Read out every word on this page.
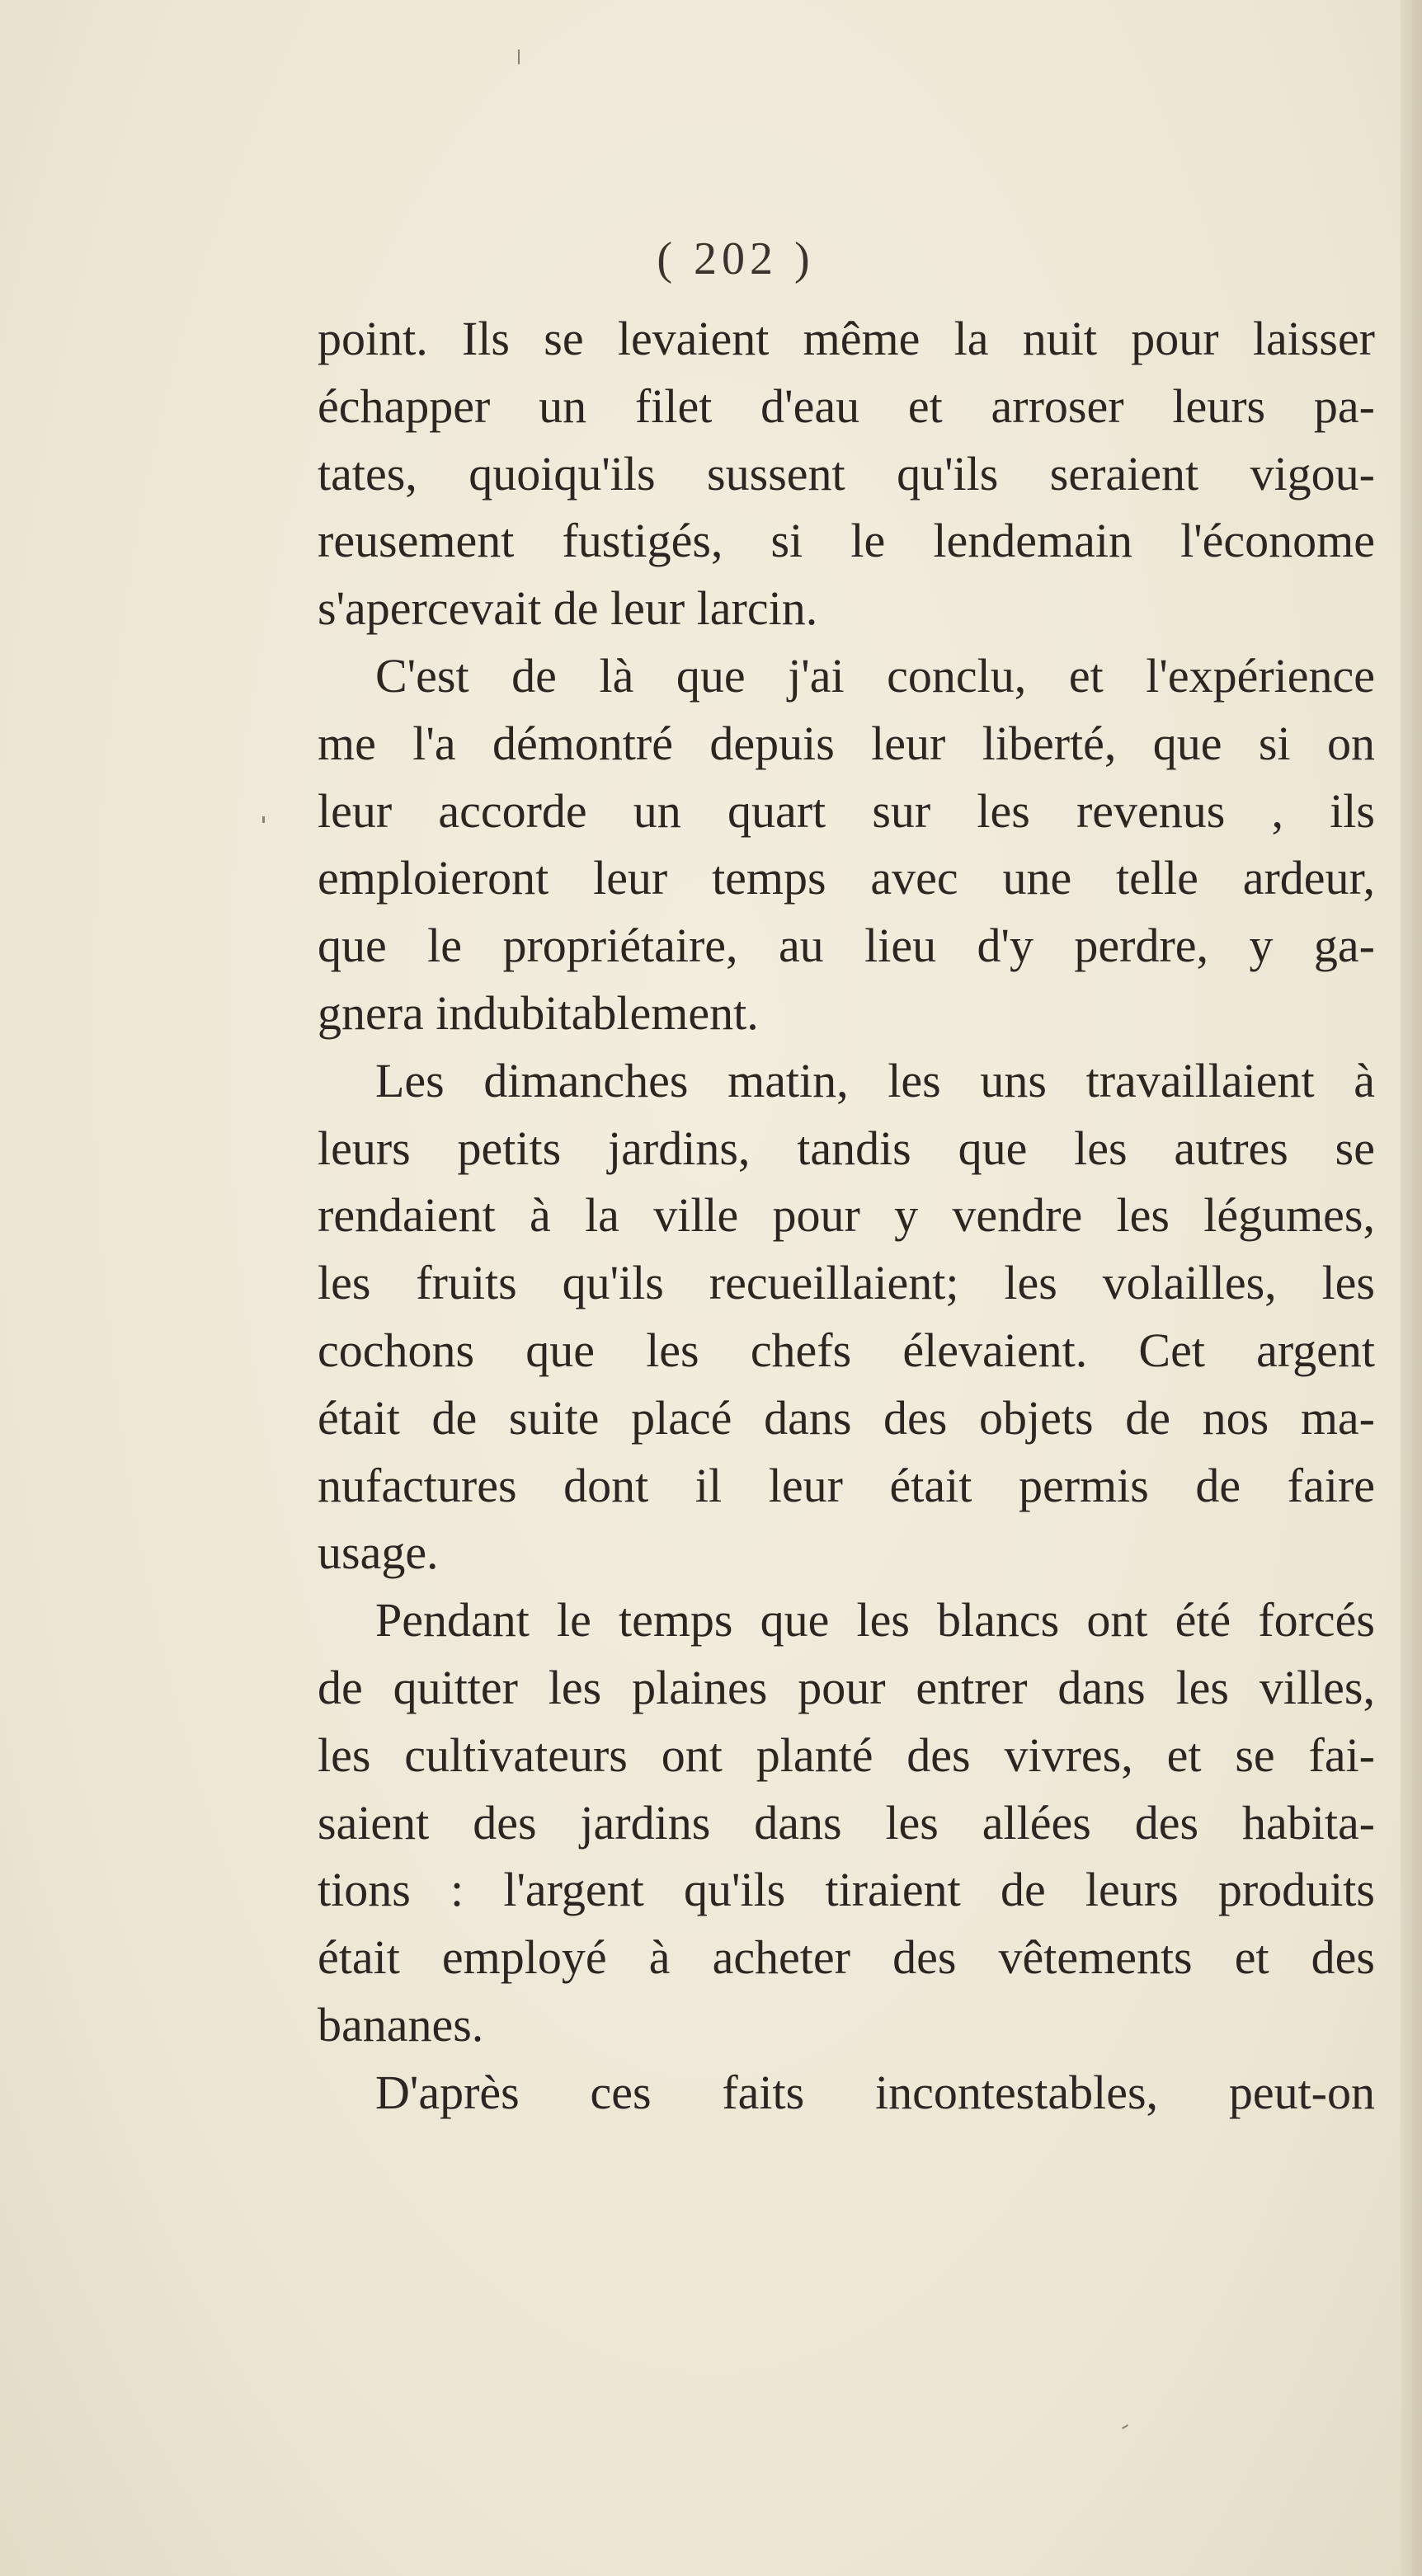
( 202 )
point. Ils se levaient même la nuit pour laisser
échapper un filet d'eau et arroser leurs pa-
tates, quoiqu'ils sussent qu'ils seraient vigou-
reusement fustigés, si le lendemain l'économe
s'apercevait de leur larcin.
C'est de là que j'ai conclu, et l'expérience
me l'a démontré depuis leur liberté, que si on
leur accorde un quart sur les revenus , ils
emploieront leur temps avec une telle ardeur,
que le propriétaire, au lieu d'y perdre, y ga-
gnera indubitablement.
Les dimanches matin, les uns travaillaient à
leurs petits jardins, tandis que les autres se
rendaient à la ville pour y vendre les légumes,
les fruits qu'ils recueillaient; les volailles, les
cochons que les chefs élevaient. Cet argent
était de suite placé dans des objets de nos ma-
nufactures dont il leur était permis de faire
usage.
Pendant le temps que les blancs ont été forcés
de quitter les plaines pour entrer dans les villes,
les cultivateurs ont planté des vivres, et se fai-
saient des jardins dans les allées des habita-
tions : l'argent qu'ils tiraient de leurs produits
était employé à acheter des vêtements et des
bananes.
D'après ces faits incontestables, peut-on
